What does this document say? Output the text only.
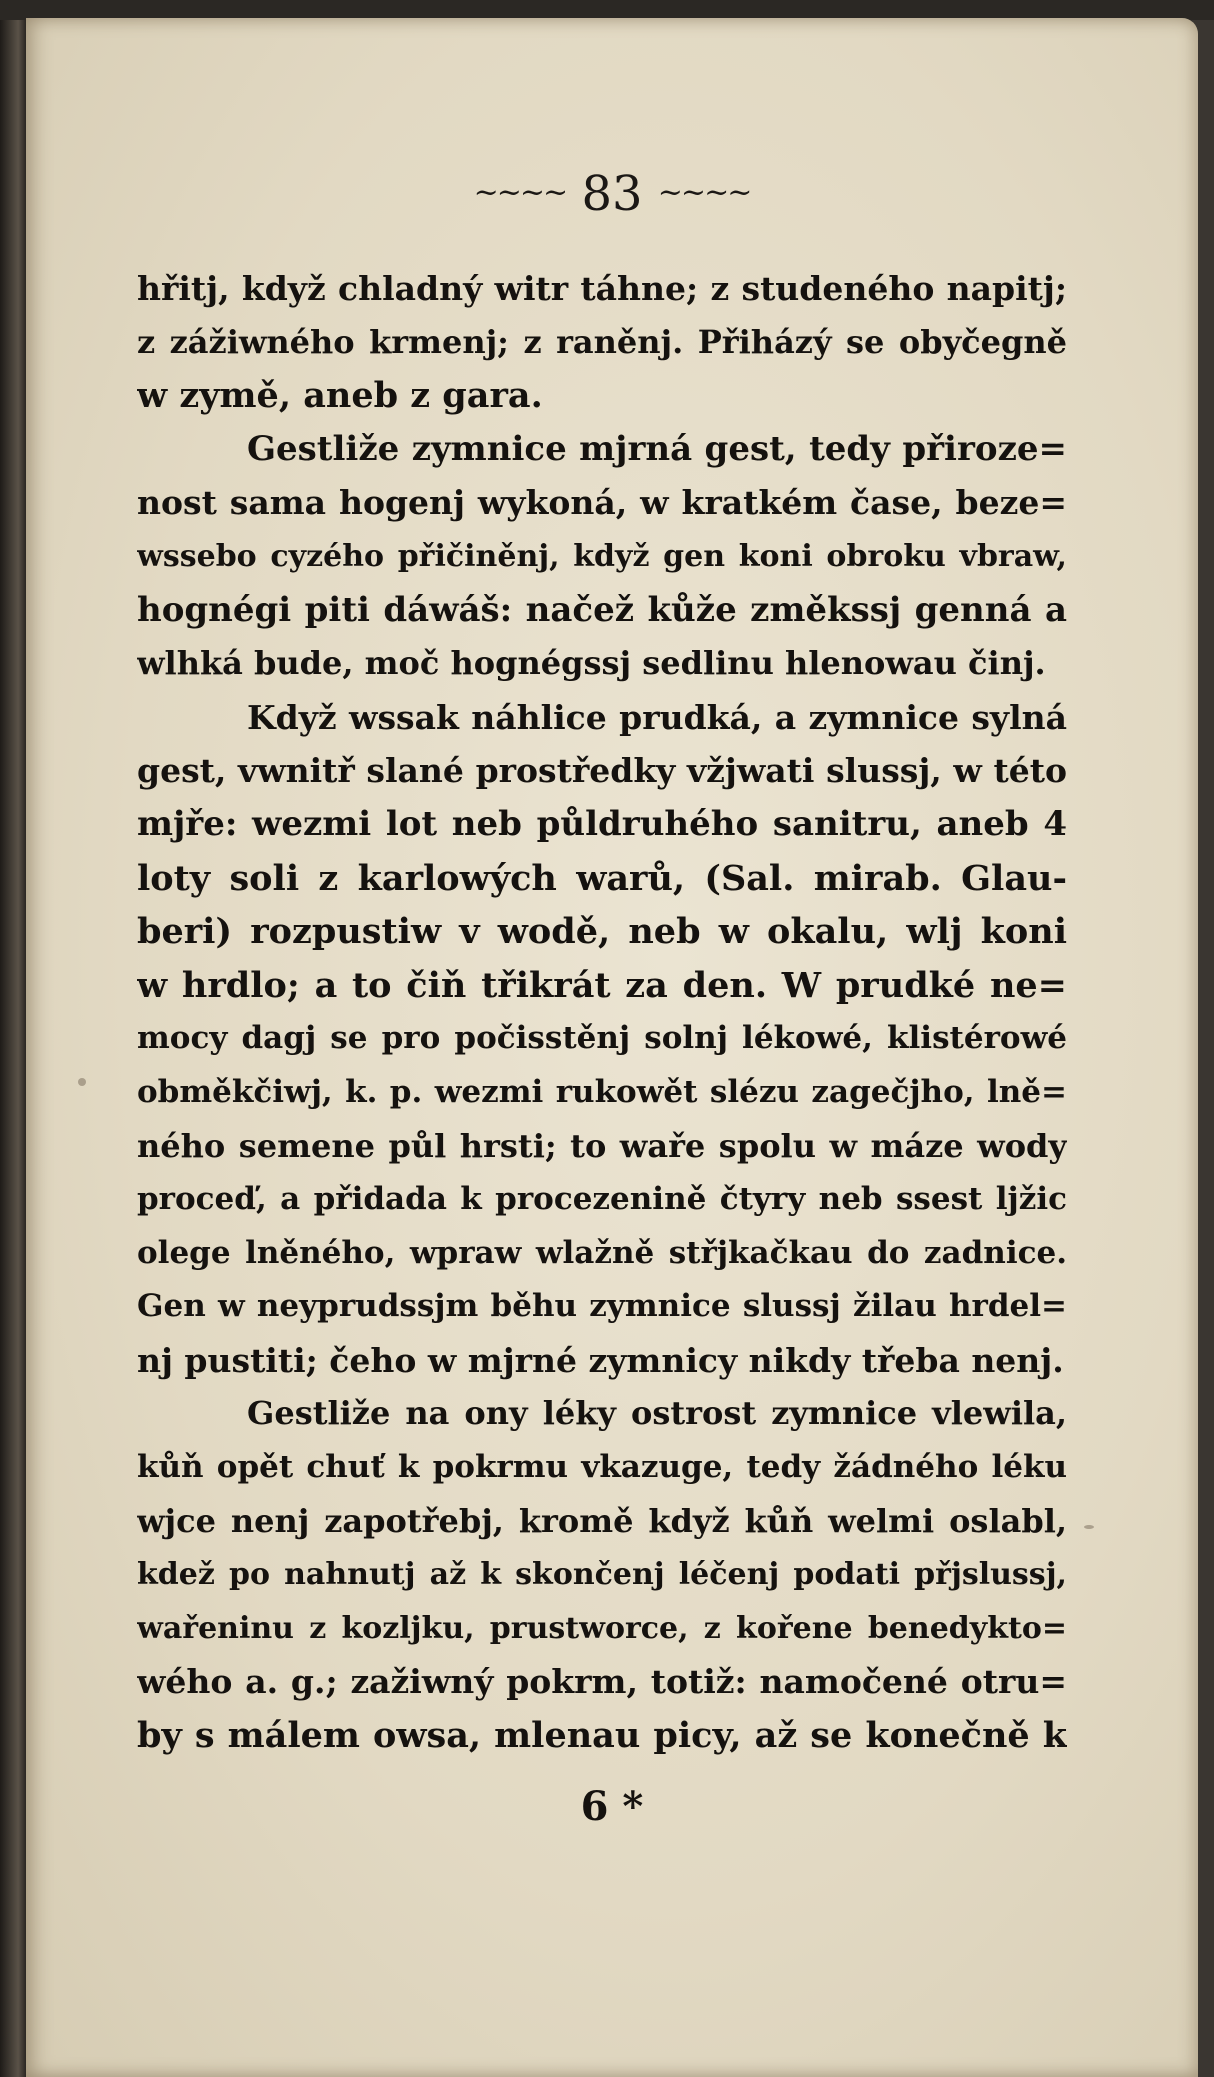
~~~~ 83 ~~~~
hřitj, když chladný witr táhne; z studeného napitj;
z zážiwného krmenj; z raněnj. Přiházý se obyčegně
w zymě, aneb z gara.
Gestliže zymnice mjrná gest, tedy přiroze=
nost sama hogenj wykoná, w kratkém čase, beze=
wssebo cyzého přičiněnj, když gen koni obroku vbraw,
hognégi piti dáwáš: načež kůže změkssj genná a
wlhká bude, moč hognégssj sedlinu hlenowau činj.
Když wssak náhlice prudká, a zymnice sylná
gest, vwnitř slané prostředky vžjwati slussj, w této
mjře: wezmi lot neb půldruhého sanitru, aneb 4
loty soli z karlowých warů, (Sal. mirab. Glau-
beri) rozpustiw v wodě, neb w okalu, wlj koni
w hrdlo; a to čiň třikrát za den. W prudké ne=
mocy dagj se pro počisstěnj solnj lékowé, klistérowé
obměkčiwj, k. p. wezmi rukowět slézu zagečjho, lně=
ného semene půl hrsti; to waře spolu w máze wody
proceď, a přidada k procezenině čtyry neb ssest ljžic
olege lněného, wpraw wlažně střjkačkau do zadnice.
Gen w neyprudssjm běhu zymnice slussj žilau hrdel=
nj pustiti; čeho w mjrné zymnicy nikdy třeba nenj.
Gestliže na ony léky ostrost zymnice vlewila,
kůň opět chuť k pokrmu vkazuge, tedy žádného léku
wjce nenj zapotřebj, kromě když kůň welmi oslabl,
kdež po nahnutj až k skončenj léčenj podati přjslussj,
wařeninu z kozljku, prustworce, z kořene benedykto=
wého a. g.; zažiwný pokrm, totiž: namočené otru=
by s málem owsa, mlenau picy, až se konečně k
6 *
